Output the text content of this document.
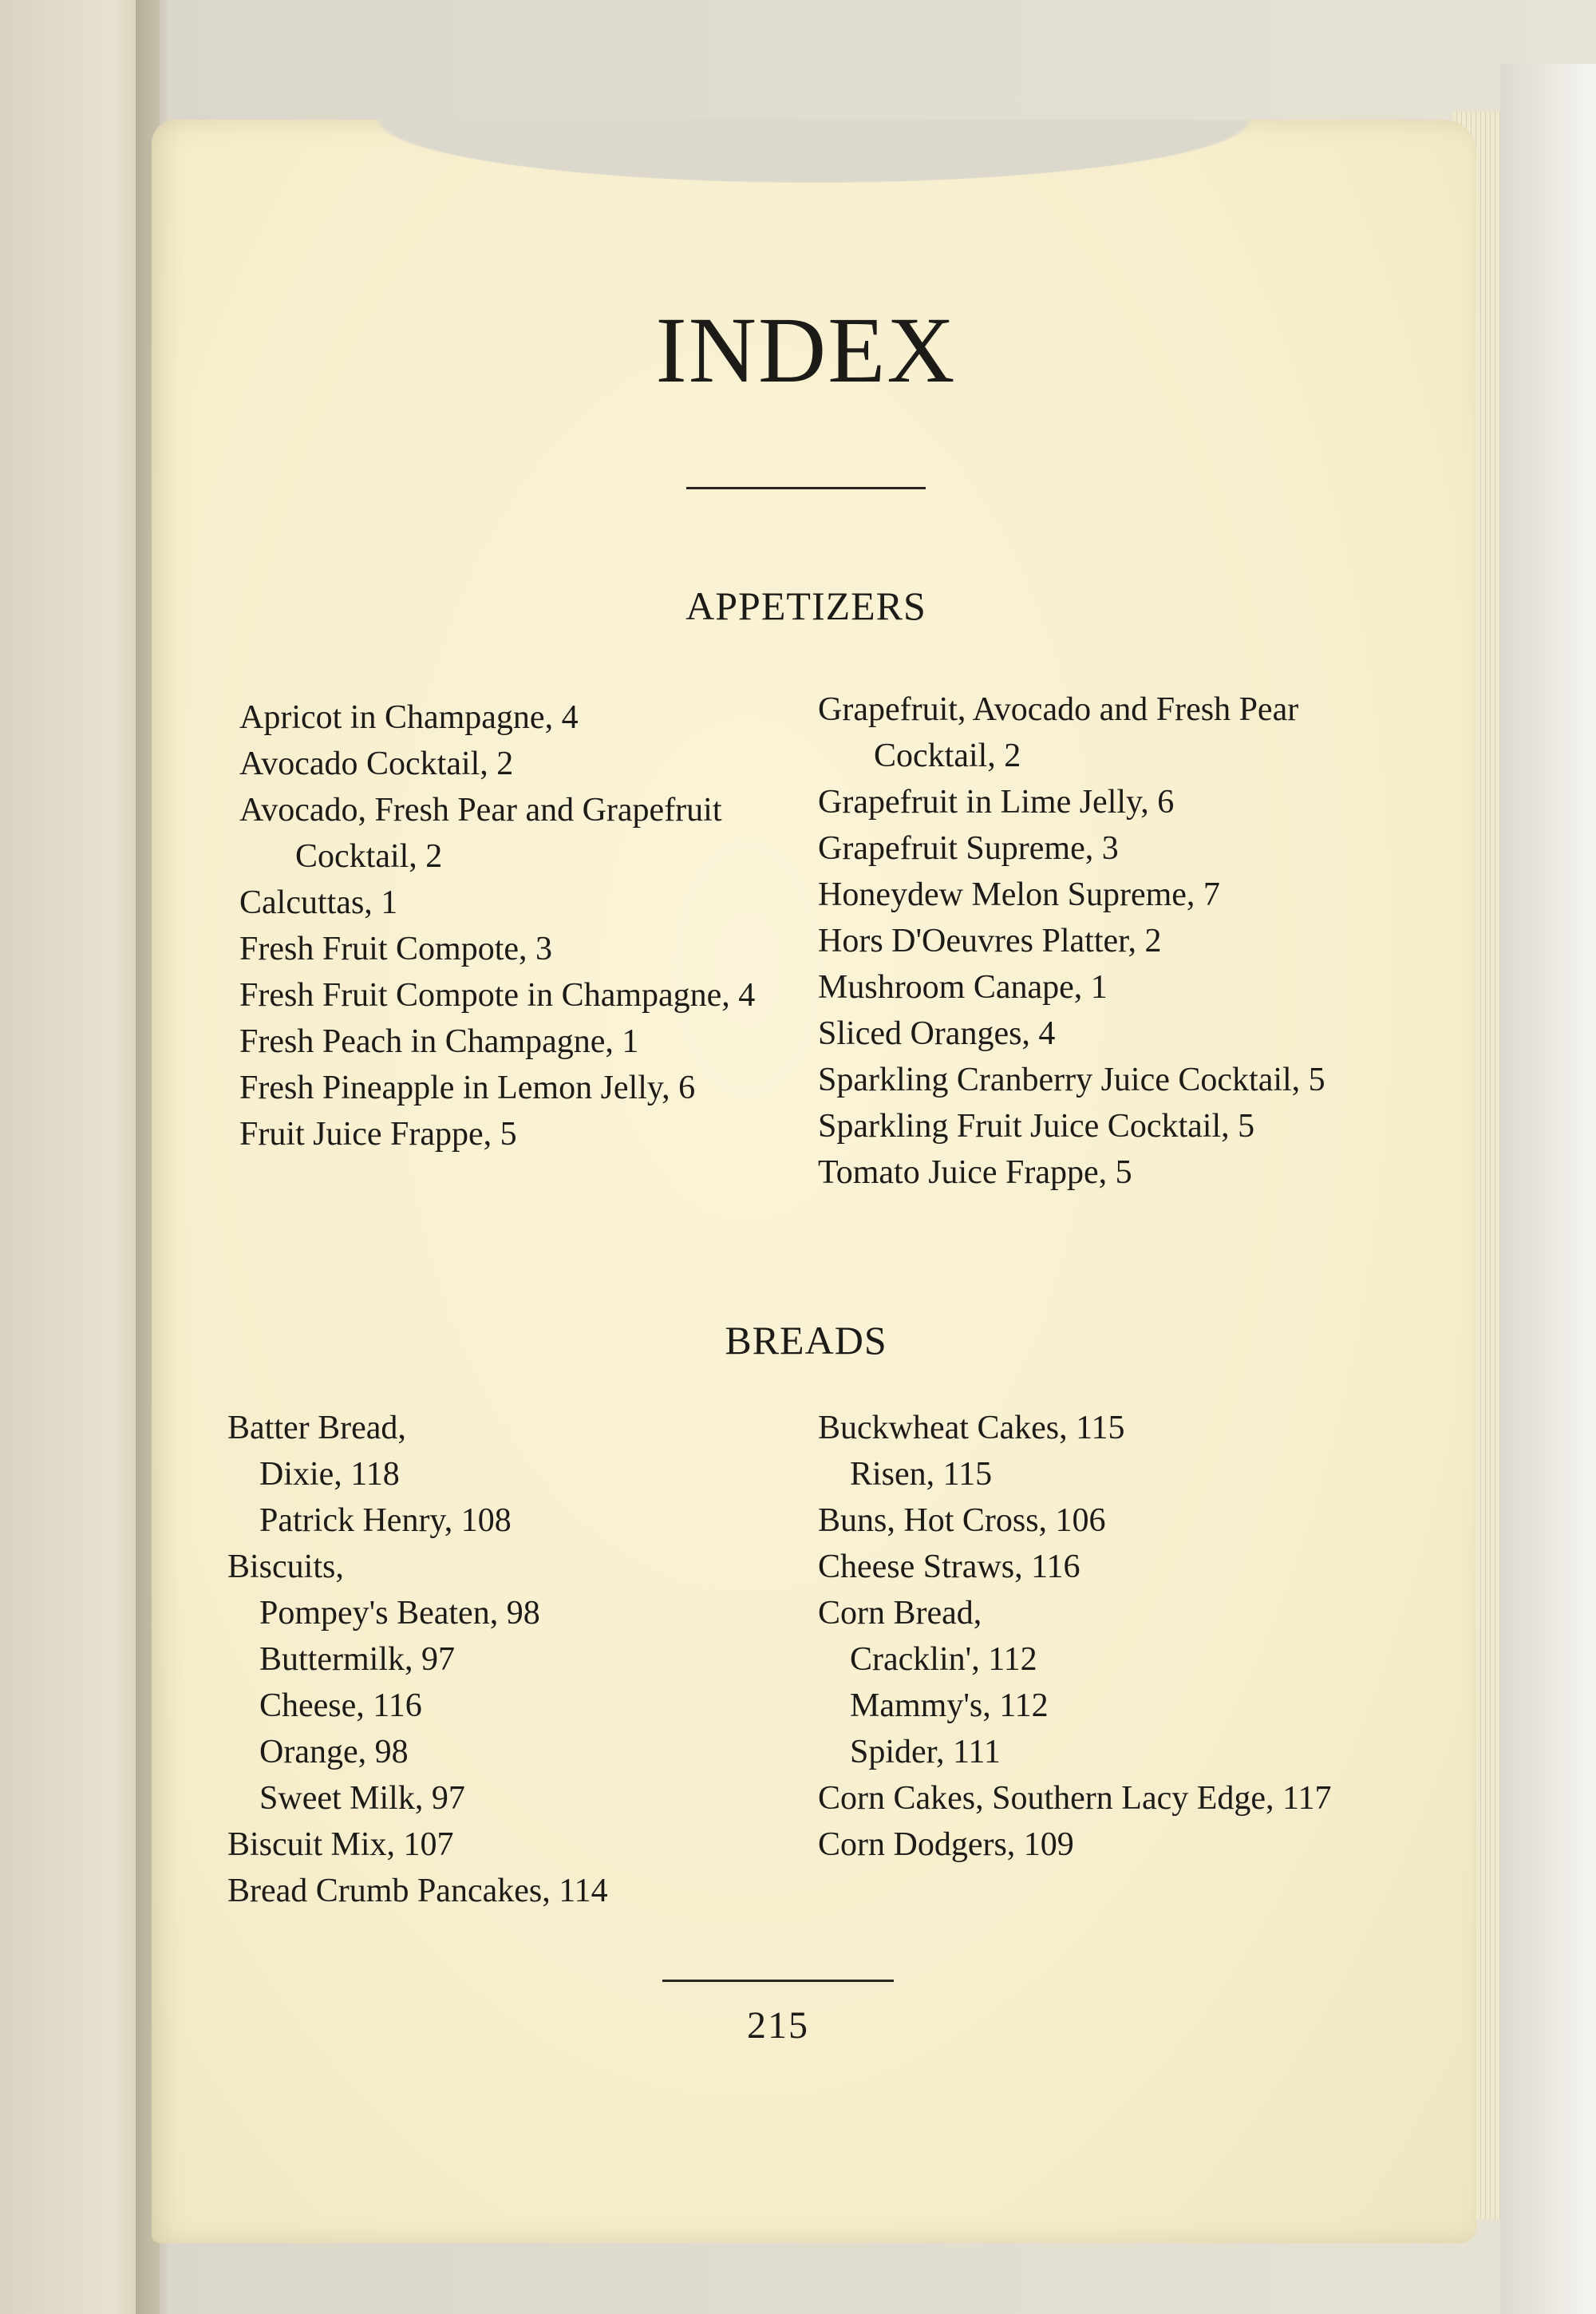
INDEX
APPETIZERS

Apricot in Champagne, 4

Avocado Cocktail, 2

Avocado, Fresh Pear and Grapefruit Cocktail, 2

Calcuttas, 1

Fresh Fruit Compote, 3

Fresh Fruit Compote in Champagne, 4

Fresh Peach in Champagne, 1

Fresh Pineapple in Lemon Jelly, 6

Fruit Juice Frappe, 5

Grapefruit, Avocado and Fresh Pear Cocktail, 2

Grapefruit in Lime Jelly, 6

Grapefruit Supreme, 3

Honeydew Melon Supreme, 7

Hors D'Oeuvres Platter, 2

Mushroom Canape, 1

Sliced Oranges, 4

Sparkling Cranberry Juice Cocktail, 5

Sparkling Fruit Juice Cocktail, 5

Tomato Juice Frappe, 5

BREADS

Batter Bread,

Dixie, 118

Patrick Henry, 108

Biscuits,

Pompey's Beaten, 98

Buttermilk, 97

Cheese, 116

Orange, 98

Sweet Milk, 97

Biscuit Mix, 107

Bread Crumb Pancakes, 114

Buckwheat Cakes, 115

Risen, 115

Buns, Hot Cross, 106

Cheese Straws, 116

Corn Bread,

Cracklin', 112

Mammy's, 112

Spider, 111

Corn Cakes, Southern Lacy Edge, 117

Corn Dodgers, 109

215
